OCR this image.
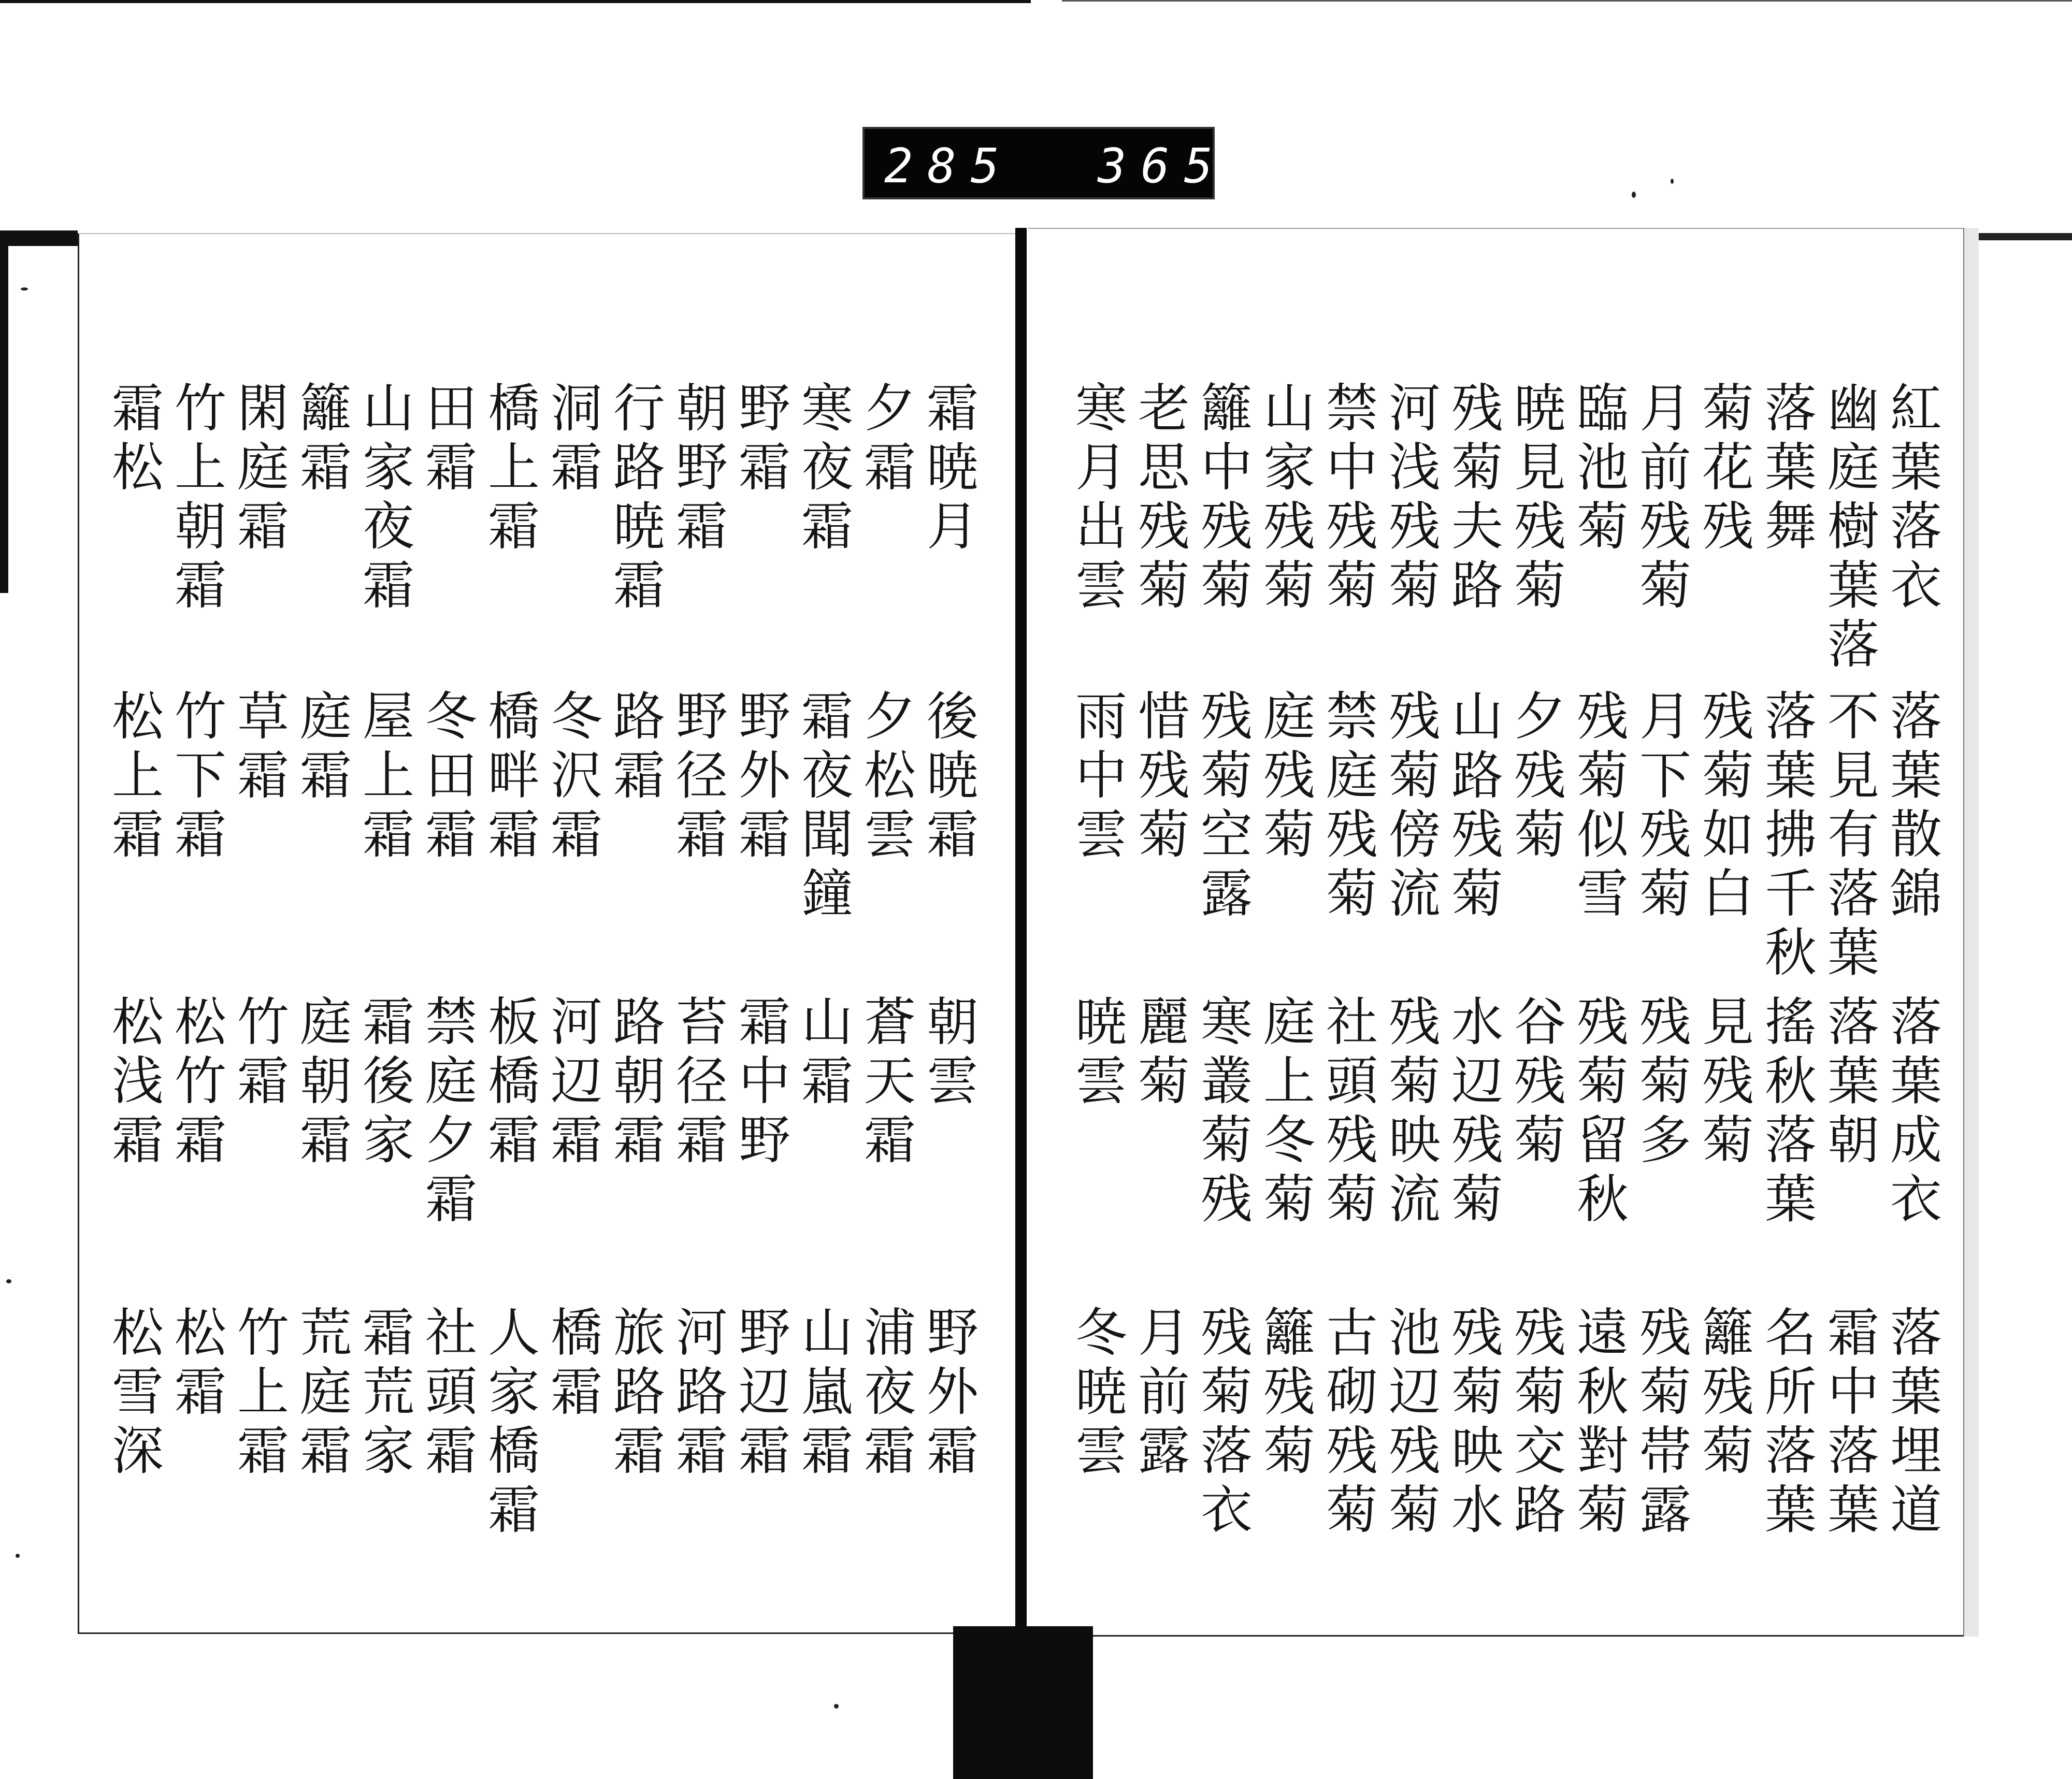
285 365.
紅葉落衣
落葉散錦
落葉成衣
落葉埋道
幽庭樹葉落
不見有落葉
落葉朝
霜中落葉
落葉舞
落葉拂千秋
搖秋落葉
名所落葉
菊花残
残菊如白
見残菊
籬残菊
月前残菊
月下残菊
残菊多
残菊帯露
臨池菊
残菊似雪
残菊留秋
遠秋對菊
暁見残菊
夕残菊
谷残菊
残菊交路
残菊夫路
山路残菊
水辺残菊
残菊映水
河浅残菊
残菊傍流
残菊映流
池辺残菊
禁中残菊
禁庭残菊
社頭残菊
古砌残菊
山家残菊
庭残菊
庭上冬菊
籬残菊
籬中残菊
残菊空露
寒叢菊残
残菊落衣
老思残菊
惜残菊
麗菊
月前露
寒月出雲
雨中雲
暁雲
冬暁雲
霜暁月
後暁霜
朝雲
野外霜
夕霜
夕松雲
蒼天霜
浦夜霜
寒夜霜
霜夜聞鐘
山霜
山嵐霜
野霜
野外霜
霜中野
野辺霜
朝野霜
野径霜
苔径霜
河路霜
行路暁霜
路霜
路朝霜
旅路霜
洞霜
冬沢霜
河辺霜
橋霜
橋上霜
橋畔霜
板橋霜
人家橋霜
田霜
冬田霜
禁庭夕霜
社頭霜
山家夜霜
屋上霜
霜後家
霜荒家
籬霜
庭霜
庭朝霜
荒庭霜
閑庭霜
草霜
竹霜
竹上霜
竹上朝霜
竹下霜
松竹霜
松霜
霜松
松上霜
松浅霜
松雪深
